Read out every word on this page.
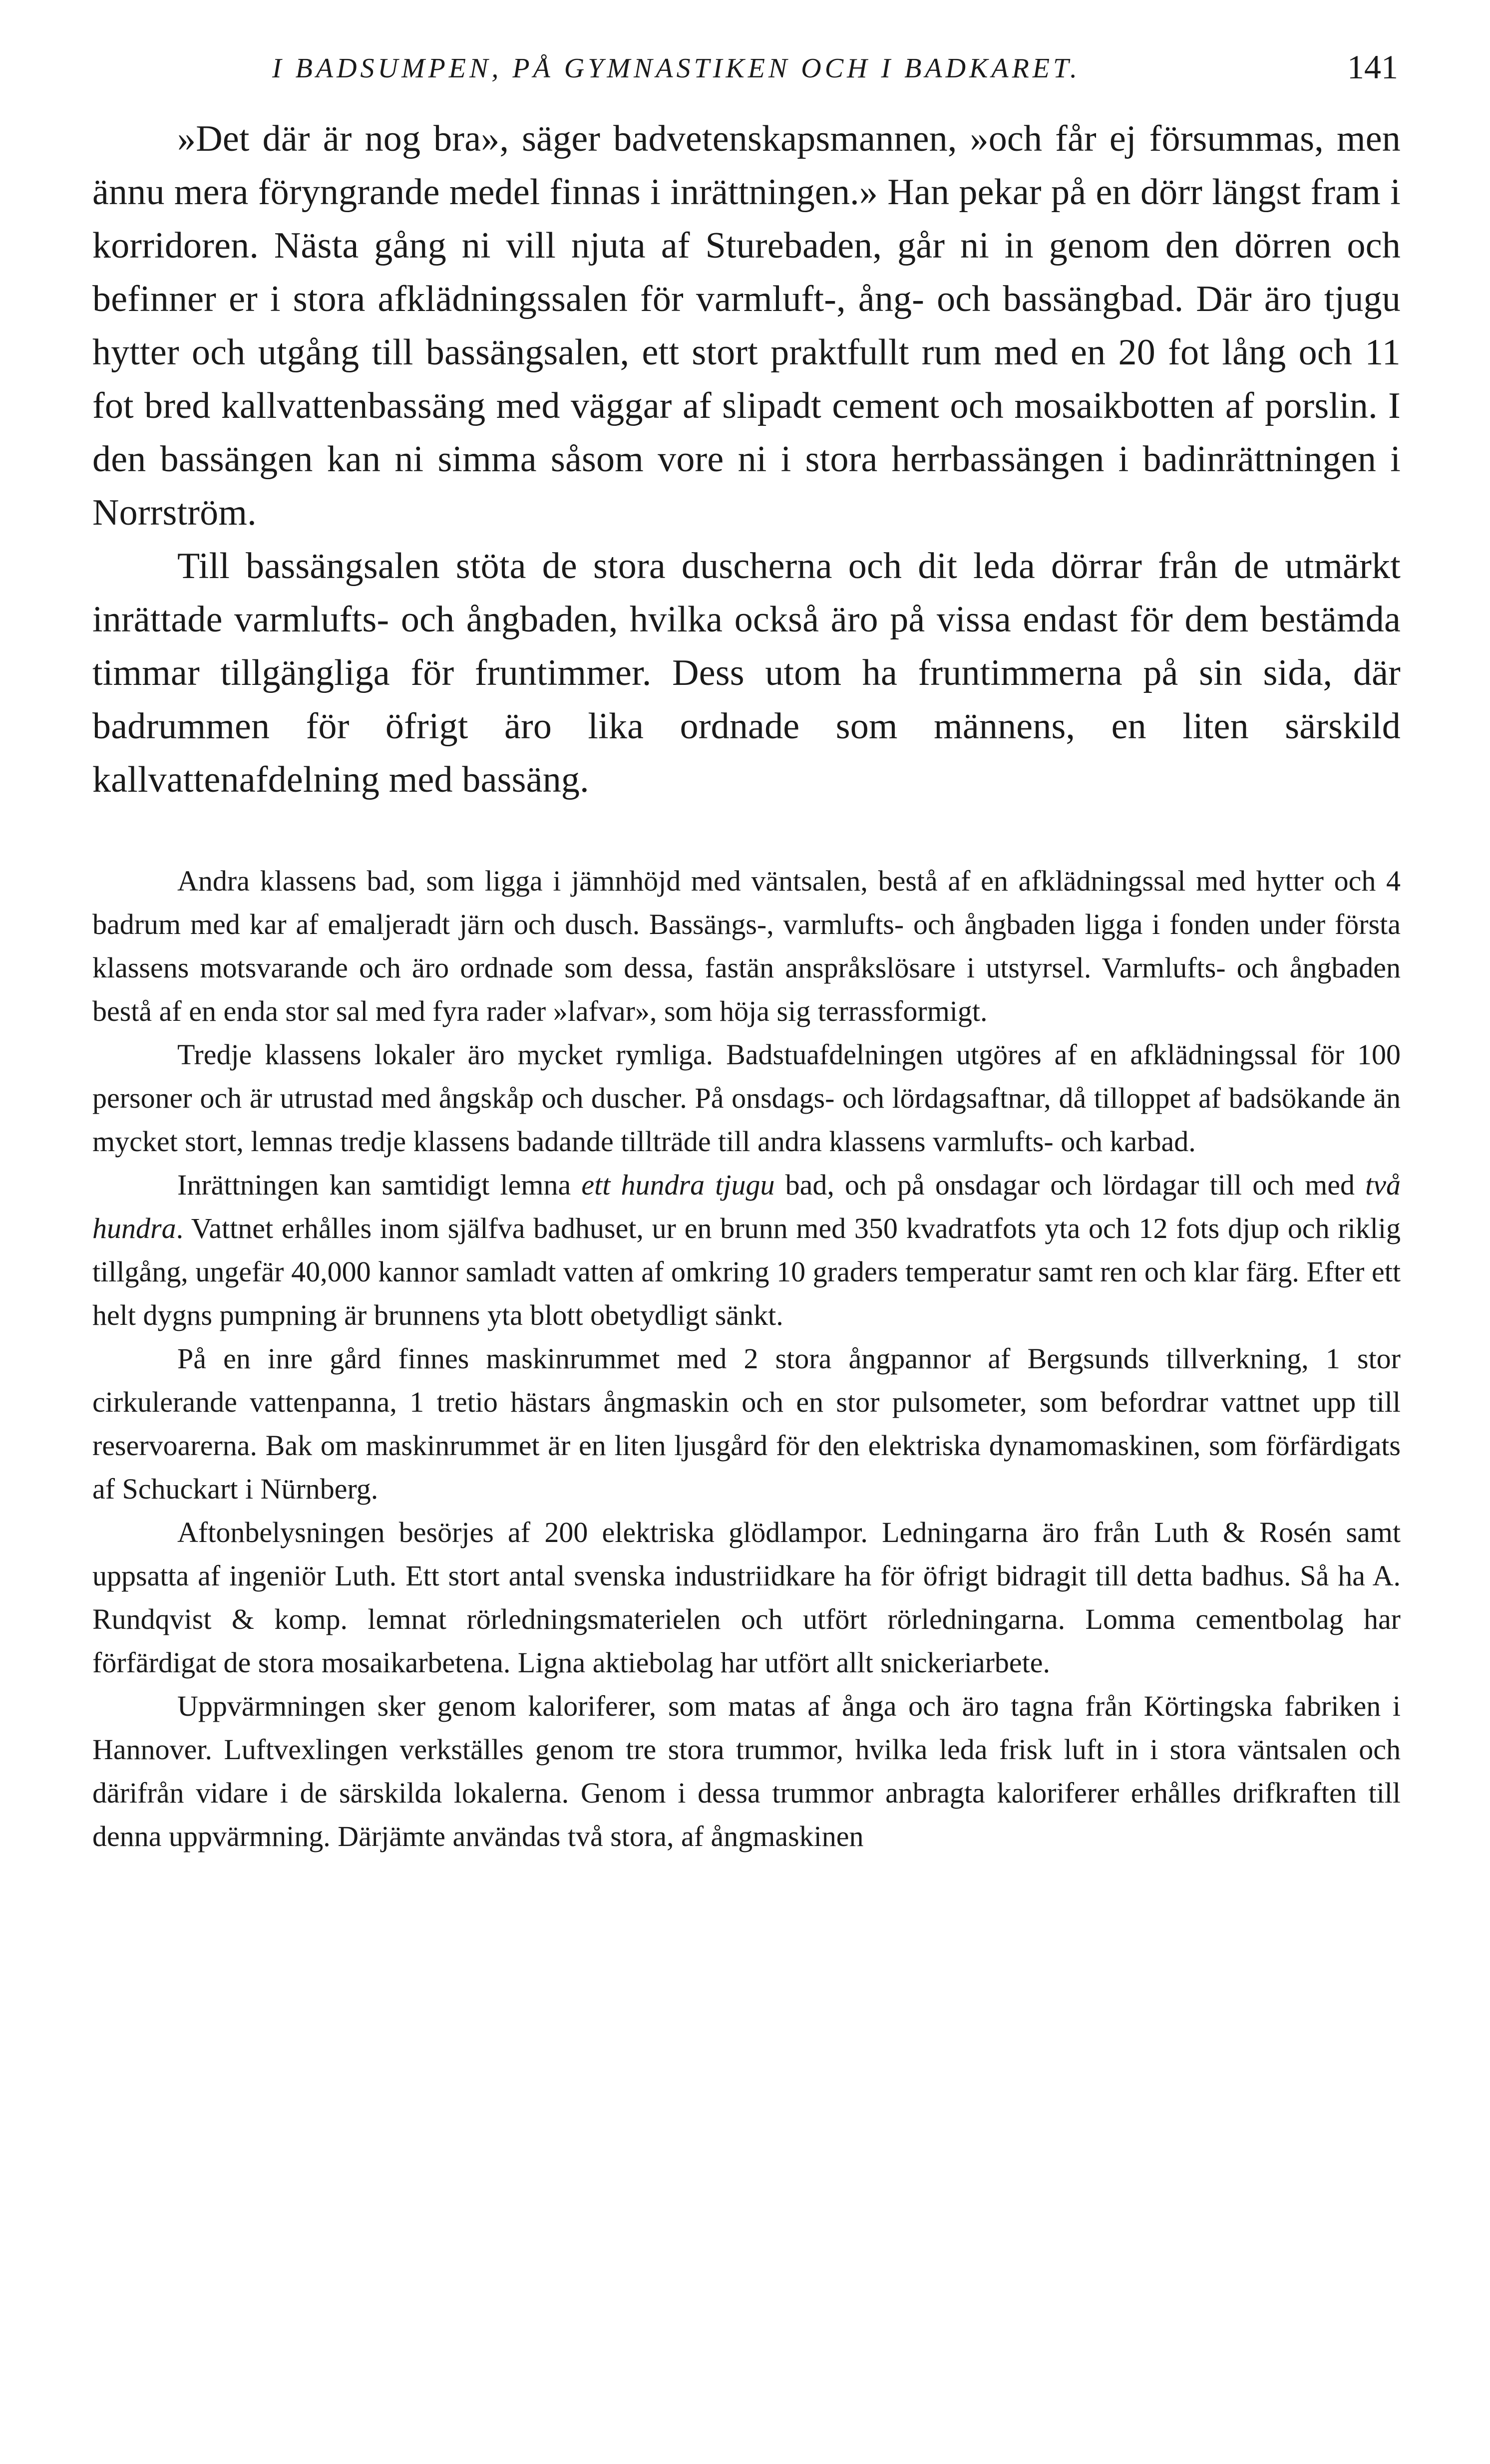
I BADSUMPEN, PÅ GYMNASTIKEN OCH I BADKARET.	141

»Det där är nog bra», säger badvetenskapsmannen, »och får ej försummas, men ännu mera föryngrande medel finnas i inrättningen.» Han pekar på en dörr längst fram i korridoren. Nästa gång ni vill njuta af Sturebaden, går ni in genom den dörren och befinner er i stora afklädningssalen för varmluft-, ång- och bassängbad. Där äro tjugu hytter och utgång till bassängsalen, ett stort praktfullt rum med en 20 fot lång och 11 fot bred kallvattenbassäng med väggar af slipadt cement och mosaikbotten af porslin. I den bassängen kan ni simma såsom vore ni i stora herrbassängen i badinrättningen i Norrström.

Till bassängsalen stöta de stora duscherna och dit leda dörrar från de utmärkt inrättade varmlufts- och ångbaden, hvilka också äro på vissa endast för dem bestämda timmar tillgängliga för fruntimmer. Dess utom ha fruntimmerna på sin sida, där badrummen för öfrigt äro lika ordnade som männens, en liten särskild kallvattenafdelning med bassäng.

Andra klassens bad, som ligga i jämnhöjd med väntsalen, bestå af en afklädningssal med hytter och 4 badrum med kar af emaljeradt järn och dusch. Bassängs-, varmlufts- och ångbaden ligga i fonden under första klassens motsvarande och äro ordnade som dessa, fastän anspråkslösare i utstyrsel. Varmlufts- och ångbaden bestå af en enda stor sal med fyra rader »lafvar», som höja sig terrassformigt.

Tredje klassens lokaler äro mycket rymliga. Badstuafdelningen utgöres af en afklädningssal för 100 personer och är utrustad med ångskåp och duscher. På onsdags- och lördagsaftnar, då tilloppet af badsökande än mycket stort, lemnas tredje klassens badande tillträde till andra klassens varmlufts- och karbad.

Inrättningen kan samtidigt lemna ett hundra tjugu bad, och på onsdagar och lördagar till och med två hundra. Vattnet erhålles inom själfva badhuset, ur en brunn med 350 kvadratfots yta och 12 fots djup och riklig tillgång, ungefär 40,000 kannor samladt vatten af omkring 10 graders temperatur samt ren och klar färg. Efter ett helt dygns pumpning är brunnens yta blott obetydligt sänkt.

På en inre gård finnes maskinrummet med 2 stora ångpannor af Bergsunds tillverkning, 1 stor cirkulerande vattenpanna, 1 tretio hästars ångmaskin och en stor pulsometer, som befordrar vattnet upp till reservoarerna. Bak om maskinrummet är en liten ljusgård för den elektriska dynamomaskinen, som förfärdigats af Schuckart i Nürnberg.

Aftonbelysningen besörjes af 200 elektriska glödlampor. Ledningarna äro från Luth & Rosén samt uppsatta af ingeniör Luth. Ett stort antal svenska industriidkare ha för öfrigt bidragit till detta badhus. Så ha A. Rundqvist & komp. lemnat rörledningsmaterielen och utfört rörledningarna. Lomma cementbolag har förfärdigat de stora mosaikarbetena. Ligna aktiebolag har utfört allt snickeriarbete.

Uppvärmningen sker genom kaloriferer, som matas af ånga och äro tagna från Körtingska fabriken i Hannover. Luftvexlingen verkställes genom tre stora trummor, hvilka leda frisk luft in i stora väntsalen och därifrån vidare i de särskilda lokalerna. Genom i dessa trummor anbragta kaloriferer erhålles drifkraften till denna uppvärmning. Därjämte användas två stora, af ångmaskinen
